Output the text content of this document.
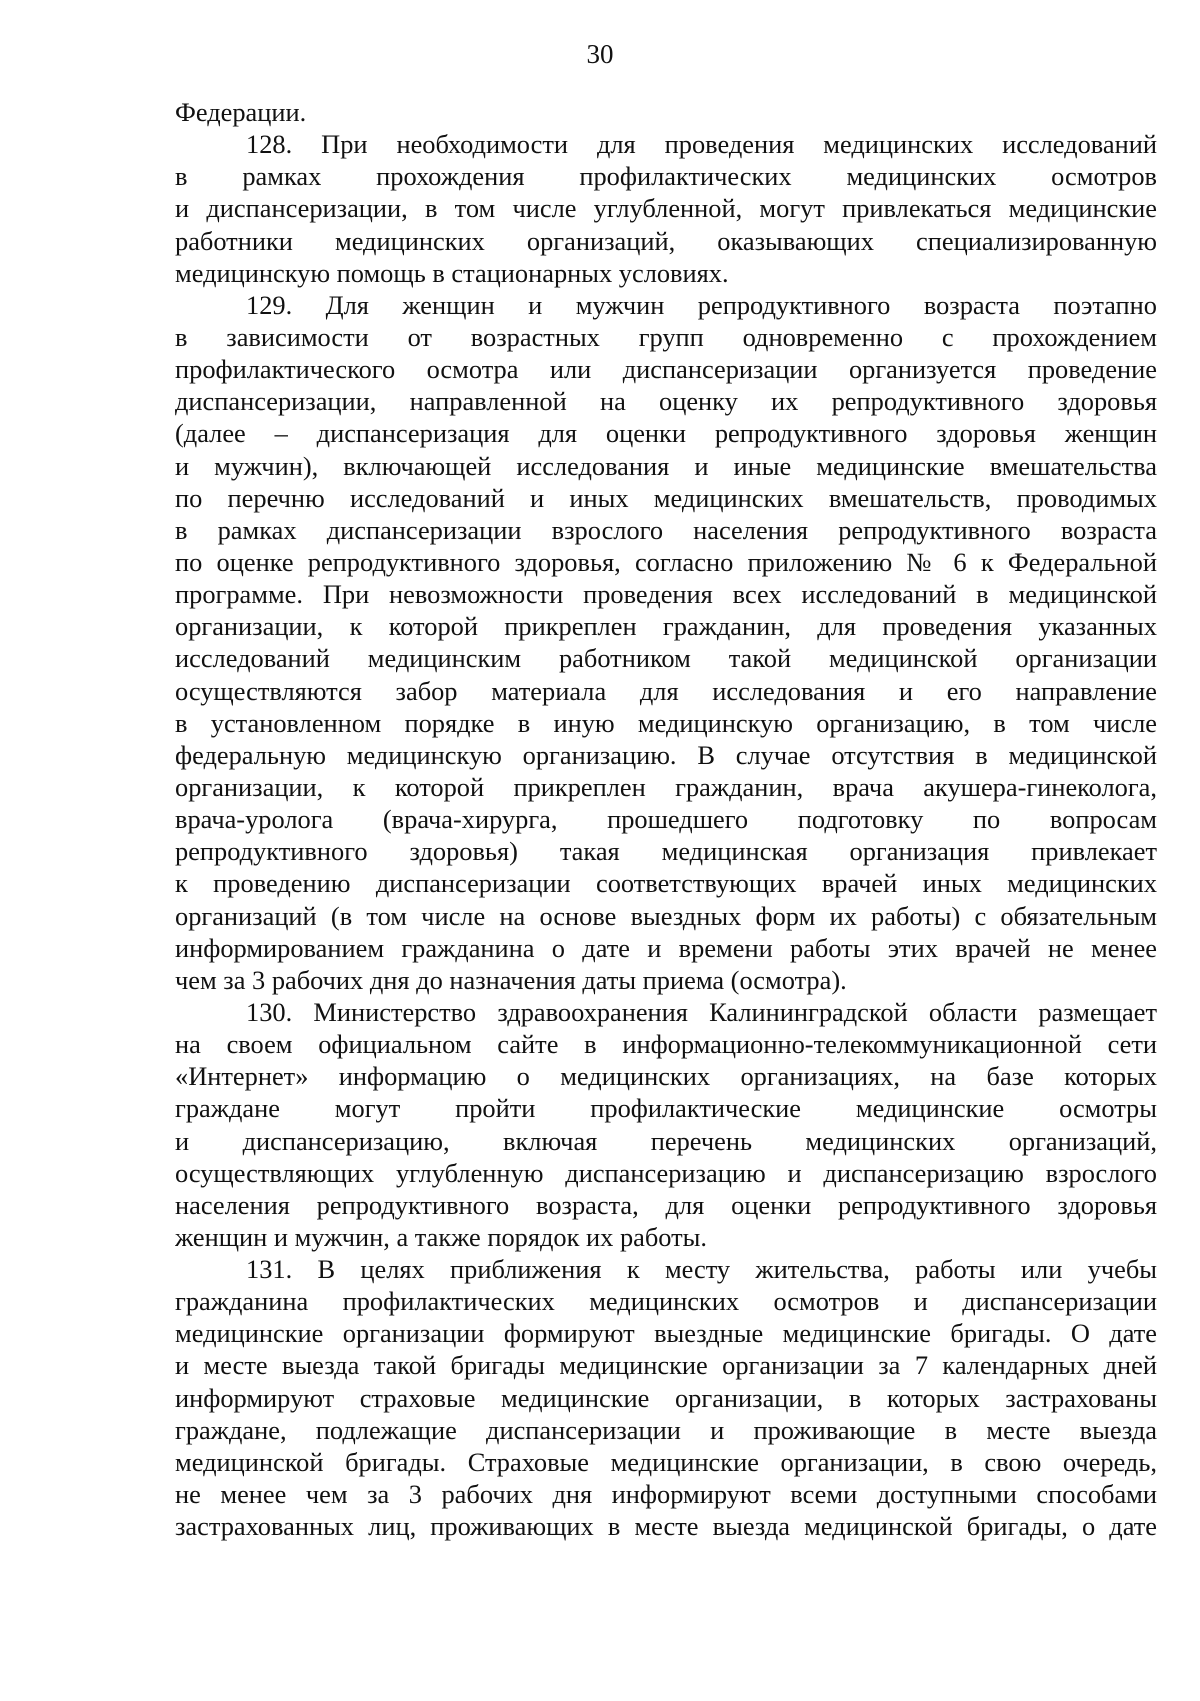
30
Федерации.
128. При необходимости для проведения медицинских исследований
в рамках прохождения профилактических медицинских осмотров
и диспансеризации, в том числе углубленной, могут привлекаться медицинские
работники медицинских организаций, оказывающих специализированную
медицинскую помощь в стационарных условиях.
129. Для женщин и мужчин репродуктивного возраста поэтапно
в зависимости от возрастных групп одновременно с прохождением
профилактического осмотра или диспансеризации организуется проведение
диспансеризации, направленной на оценку их репродуктивного здоровья
(далее – диспансеризация для оценки репродуктивного здоровья женщин
и мужчин), включающей исследования и иные медицинские вмешательства
по перечню исследований и иных медицинских вмешательств, проводимых
в рамках диспансеризации взрослого населения репродуктивного возраста
по оценке репродуктивного здоровья, согласно приложению № 6 к Федеральной
программе. При невозможности проведения всех исследований в медицинской
организации, к которой прикреплен гражданин, для проведения указанных
исследований медицинским работником такой медицинской организации
осуществляются забор материала для исследования и его направление
в установленном порядке в иную медицинскую организацию, в том числе
федеральную медицинскую организацию. В случае отсутствия в медицинской
организации, к которой прикреплен гражданин, врача акушера-гинеколога,
врача-уролога (врача-хирурга, прошедшего подготовку по вопросам
репродуктивного здоровья) такая медицинская организация привлекает
к проведению диспансеризации соответствующих врачей иных медицинских
организаций (в том числе на основе выездных форм их работы) с обязательным
информированием гражданина о дате и времени работы этих врачей не менее
чем за 3 рабочих дня до назначения даты приема (осмотра).
130. Министерство здравоохранения Калининградской области размещает
на своем официальном сайте в информационно-телекоммуникационной сети
«Интернет» информацию о медицинских организациях, на базе которых
граждане могут пройти профилактические медицинские осмотры
и диспансеризацию, включая перечень медицинских организаций,
осуществляющих углубленную диспансеризацию и диспансеризацию взрослого
населения репродуктивного возраста, для оценки репродуктивного здоровья
женщин и мужчин, а также порядок их работы.
131. В целях приближения к месту жительства, работы или учебы
гражданина профилактических медицинских осмотров и диспансеризации
медицинские организации формируют выездные медицинские бригады. О дате
и месте выезда такой бригады медицинские организации за 7 календарных дней
информируют страховые медицинские организации, в которых застрахованы
граждане, подлежащие диспансеризации и проживающие в месте выезда
медицинской бригады. Страховые медицинские организации, в свою очередь,
не менее чем за 3 рабочих дня информируют всеми доступными способами
застрахованных лиц, проживающих в месте выезда медицинской бригады, о дате
